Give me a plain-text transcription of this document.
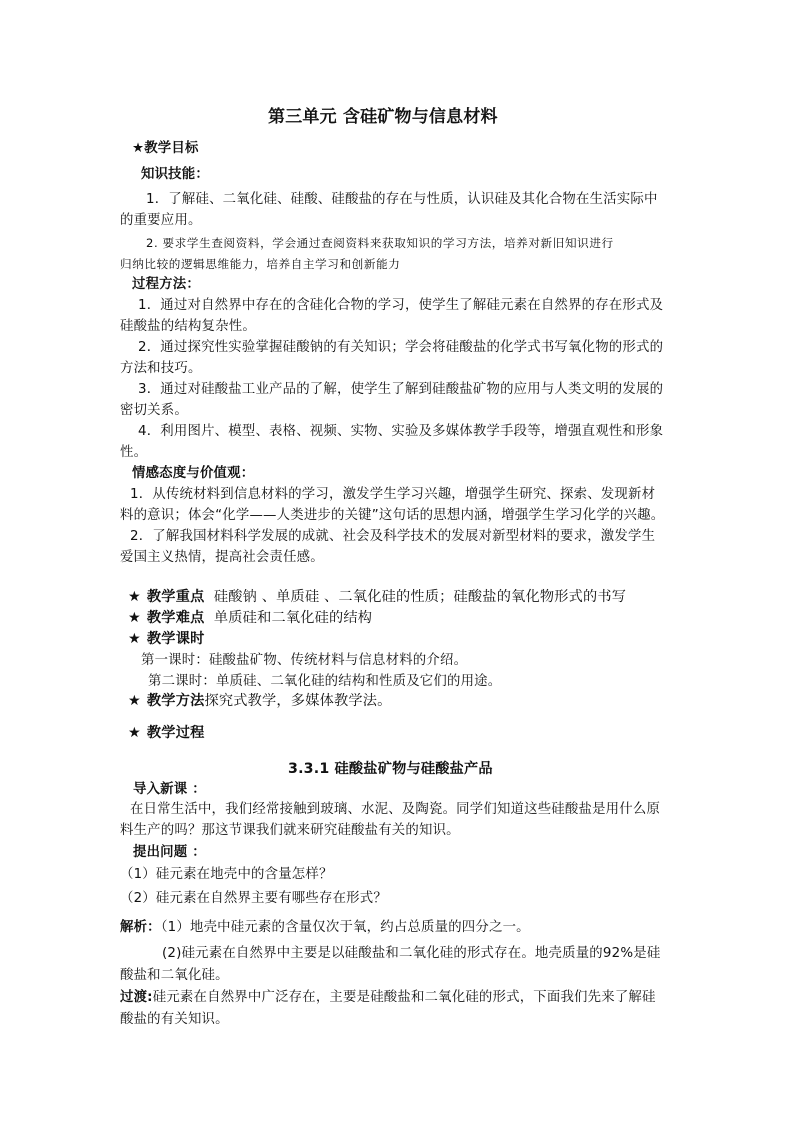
第三单元 含硅矿物与信息材料
★教学目标
知识技能：
1．了解硅、二氧化硅、硅酸、硅酸盐的存在与性质，认识硅及其化合物在生活实际中
的重要应用。
2. 要求学生查阅资料，学会通过查阅资料来获取知识的学习方法，培养对新旧知识进行
归纳比较的逻辑思维能力，培养自主学习和创新能力
过程方法：
1．通过对自然界中存在的含硅化合物的学习，使学生了解硅元素在自然界的存在形式及
硅酸盐的结构复杂性。
2．通过探究性实验掌握硅酸钠的有关知识；学会将硅酸盐的化学式书写氧化物的形式的
方法和技巧。
3．通过对硅酸盐工业产品的了解，使学生了解到硅酸盐矿物的应用与人类文明的发展的
密切关系。
4．利用图片、模型、表格、视频、实物、实验及多媒体教学手段等，增强直观性和形象
性。
情感态度与价值观：
1．从传统材料到信息材料的学习，激发学生学习兴趣，增强学生研究、探索、发现新材
料的意识；体会“化学——人类进步的关键”这句话的思想内涵，增强学生学习化学的兴趣。
2．了解我国材料科学发展的成就、社会及科学技术的发展对新型材料的要求，激发学生
爱国主义热情，提高社会责任感。
★ 教学重点 硅酸钠 、单质硅 、二氧化硅的性质；硅酸盐的氧化物形式的书写
★ 教学难点 单质硅和二氧化硅的结构
★ 教学课时
第一课时：硅酸盐矿物、传统材料与信息材料的介绍。
第二课时：单质硅、二氧化硅的结构和性质及它们的用途。
★ 教学方法探究式教学，多媒体教学法。
★ 教学过程
3.3.1 硅酸盐矿物与硅酸盐产品
导入新课 ：
在日常生活中，我们经常接触到玻璃、水泥、及陶瓷。同学们知道这些硅酸盐是用什么原
料生产的吗？那这节课我们就来研究硅酸盐有关的知识。
提出问题 ：
（1）硅元素在地壳中的含量怎样？
（2）硅元素在自然界主要有哪些存在形式？
解析：（1）地壳中硅元素的含量仅次于氧，约占总质量的四分之一。
(2)硅元素在自然界中主要是以硅酸盐和二氧化硅的形式存在。地壳质量的92%是硅
酸盐和二氧化硅。
过渡:硅元素在自然界中广泛存在，主要是硅酸盐和二氧化硅的形式，下面我们先来了解硅
酸盐的有关知识。
